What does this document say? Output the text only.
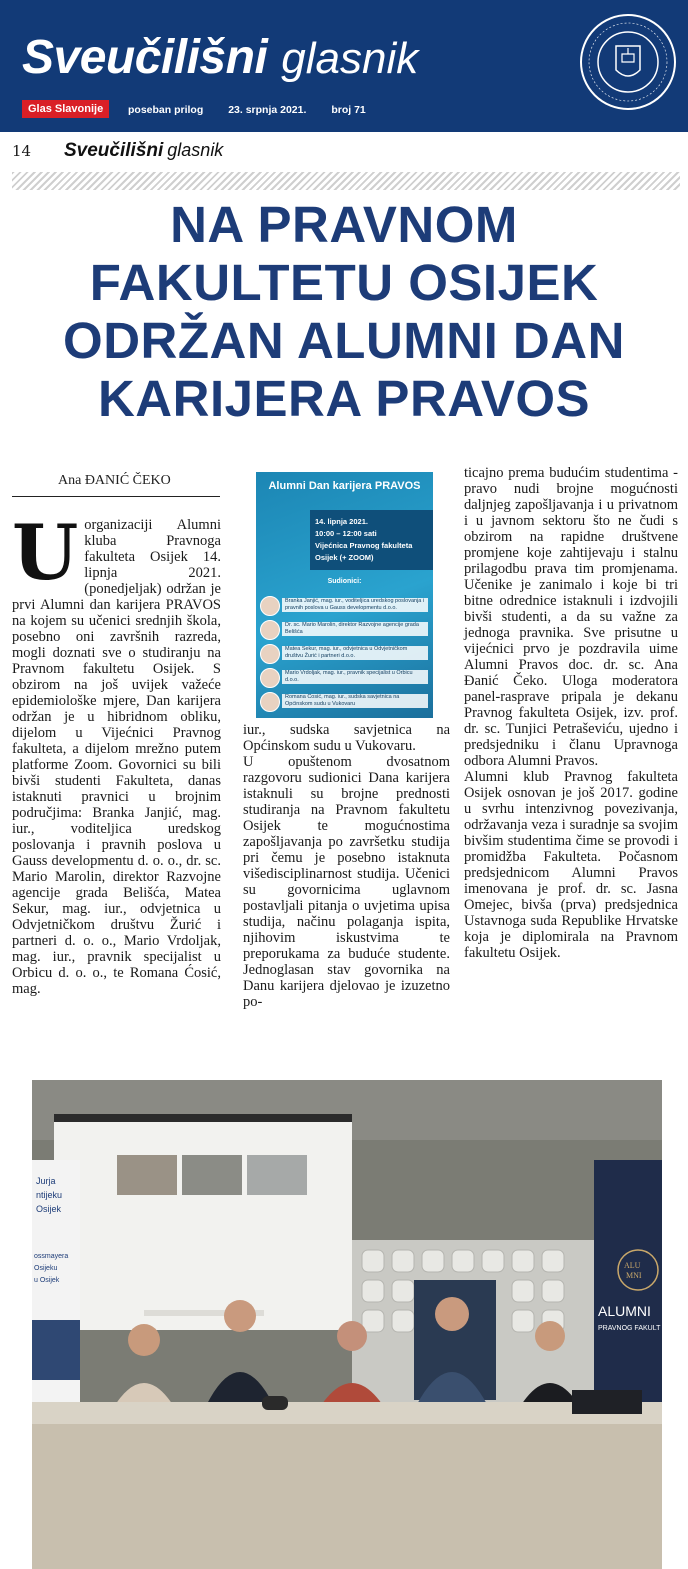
Sveučilišni glasnik
Glas Slavonije	poseban prilog 23. srpnja 2021. broj 71
14 Sveučilišni glasnik
NA PRAVNOM
FAKULTETU OSIJEK
ODRŽAN ALUMNI DAN
KARIJERA PRAVOS
Ana ĐANIĆ ČEKO
U organizaciji Alumni kluba Pravnoga fakulteta Osijek 14. lipnja 2021. (ponedjeljak) održan je prvi Alumni dan karijera PRAVOS na kojem su učenici srednjih škola, posebno oni završnih razreda, mogli doznati sve o studiranju na Pravnom fakultetu Osijek. S obzirom na još uvijek važeće epidemiološke mjere, Dan karijera održan je u hibridnom obliku, dijelom u Vijećnici Pravnog fakulteta, a dijelom mrežno putem platforme Zoom. Govornici su bili bivši studenti Fakulteta, danas istaknuti pravnici u brojnim područjima: Branka Janjić, mag. iur., voditeljica uredskog poslovanja i pravnih poslova u Gauss developmentu d. o. o., dr. sc. Mario Marolin, direktor Razvojne agencije grada Belišća, Matea Sekur, mag. iur., odvjetnica u Odvjetničkom društvu Žurić i partneri d. o. o., Mario Vrdoljak, mag. iur., pravnik specijalist u Orbicu d. o. o., te Romana Ćosić, mag.

Alumni Dan karijera PRAVOS
14. lipnja 2021.
10:00 – 12:00 sati
Vijećnica Pravnog fakulteta
Osijek (+ ZOOM)
Sudionici:
Branka Janjić, mag. iur., voditeljica uredskog poslovanja i pravnih poslova u Gauss developmentu d.o.o.
Dr. sc. Mario Marolin, direktor Razvojne agencije grada Belišća
Matea Sekur, mag. iur., odvjetnica u Odvjetničkom društvu Žurić i partneri d.o.o.
Mario Vrdoljak, mag. iur., pravnik specijalist u Orbicu d.o.o.
Romana Ćosić, mag. iur., sudska savjetnica na Općinskom sudu u Vukovaru

iur., sudska savjetnica na Općinskom sudu u Vukovaru.

U opuštenom dvosatnom razgovoru sudionici Dana karijera istaknuli su brojne prednosti studiranja na Pravnom fakultetu Osijek te mogućnostima zapošljavanja po završetku studija pri čemu je posebno istaknuta višedisciplinarnost studija. Učenici su govornicima uglavnom postavljali pitanja o uvjetima upisa studija, načinu polaganja ispita, njihovim iskustvima te preporukama za buduće studente. Jednoglasan stav govornika na Danu karijera djelovao je izuzetno po-

ticajno prema budućim studentima - pravo nudi brojne mogućnosti daljnjeg zapošljavanja i u privatnom i u javnom sektoru što ne čudi s obzirom na rapidne društvene promjene koje zahtijevaju i stalnu prilagodbu prava tim promjenama. Učenike je zanimalo i koje bi tri bitne odrednice istaknuli i izdvojili bivši studenti, a da su važne za jednoga pravnika. Sve prisutne u vijećnici prvo je pozdravila uime Alumni Pravos doc. dr. sc. Ana Đanić Čeko. Uloga moderatora panel-rasprave pripala je dekanu Pravnog fakulteta Osijek, izv. prof. dr. sc. Tunjici Petraševiću, ujedno i predsjedniku i članu Upravnoga odbora Alumni Pravos.

Alumni klub Pravnog fakulteta Osijek osnovan je još 2017. godine u svrhu intenzivnog povezivanja, održavanja veza i suradnje sa svojim bivšim studentima čime se provodi i promidžba Fakulteta. Počasnom predsjednicom Alumni Pravos imenovana je prof. dr. sc. Jasna Omejec, bivša (prva) predsjednica Ustavnoga suda Republike Hrvatske koja je diplomirala na Pravnom fakultetu Osijek.

Jurja
ntijeku
Osijek
ossmayera
Osijeku
u Osijek
ALU
MNI
ALUMNI
PRAVNOG FAKULT
